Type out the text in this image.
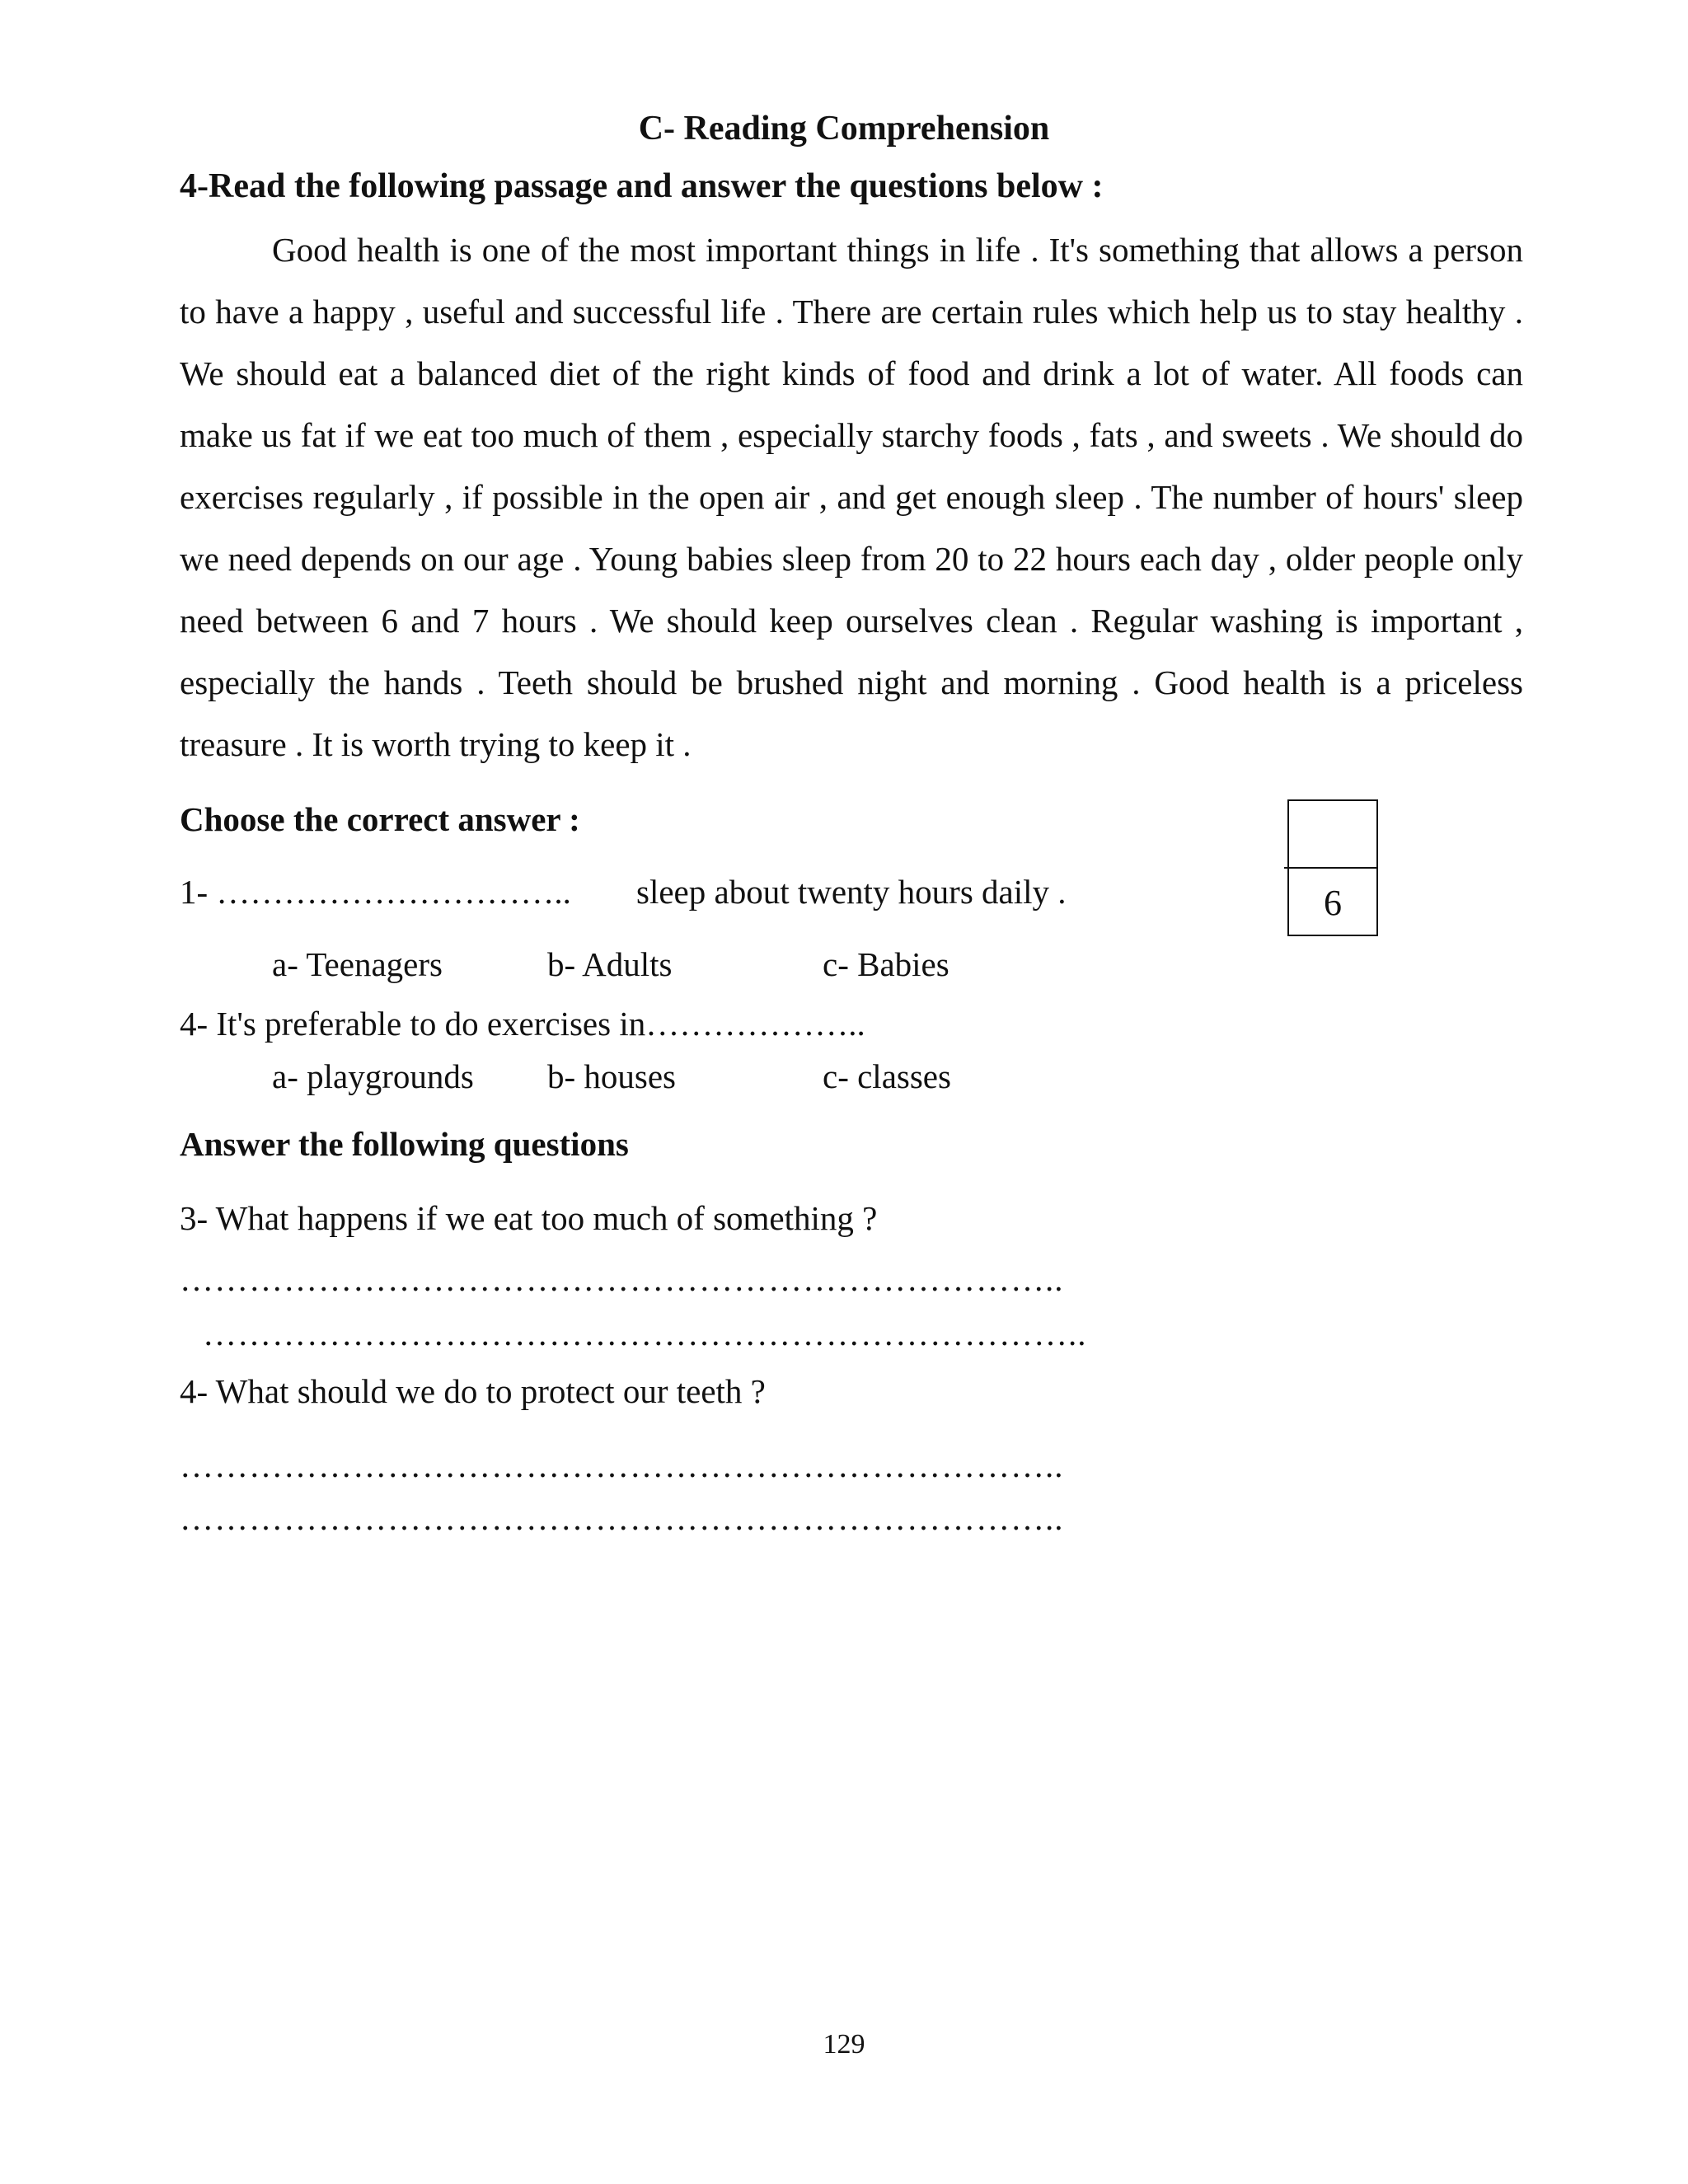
C- Reading Comprehension
4-Read the following passage and answer the questions below :
Good health is one of the most important things in life . It's something that allows a person to have a happy , useful and successful life . There are certain rules which help us to stay healthy . We should eat a balanced diet of the right kinds of food and drink a lot of water. All foods can make us fat if we eat too much of them , especially starchy foods , fats , and sweets . We should do exercises regularly , if possible in the open air , and get enough sleep . The number of hours' sleep we need depends on our age . Young babies sleep from 20 to 22 hours each day , older people only need between 6 and 7 hours . We should keep ourselves clean . Regular washing is important , especially the hands . Teeth should be brushed night and morning . Good health is a priceless treasure . It is worth trying to keep it .
Choose the correct answer :
6
1- ………………………….. sleep about twenty hours daily .
a- Teenagers	b- Adults	c- Babies
4- It's preferable to do exercises in………………..
a- playgrounds b- houses	c- classes
Answer the following questions
3- What happens if we eat too much of something ?
…………………………………………………………………..
…………………………………………………………………..
4- What should we do to protect our teeth ?
…………………………………………………………………..
…………………………………………………………………..
129
